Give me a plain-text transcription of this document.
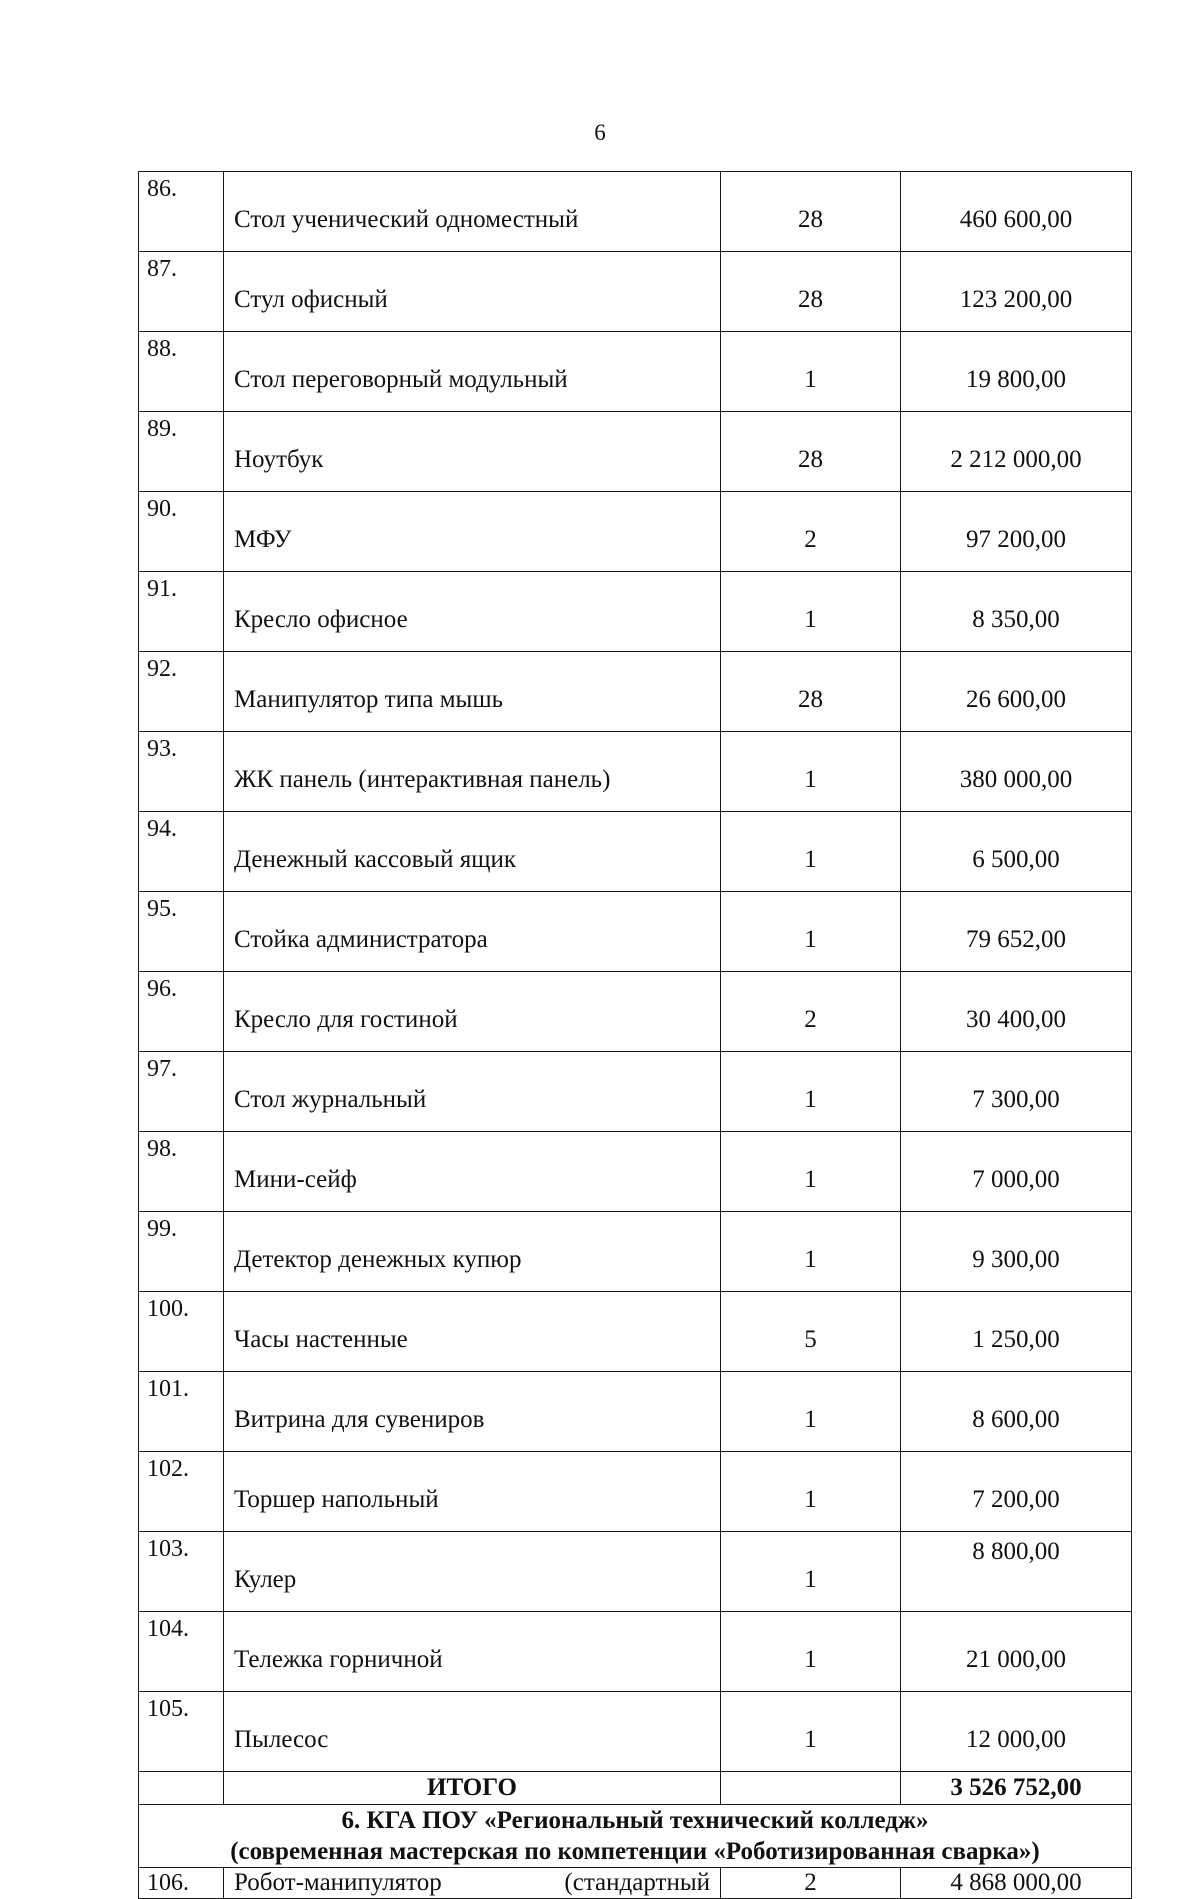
6
86.	Стол ученический одноместный	28	460 600,00
87.	Стул офисный	28	123 200,00
88.	Стол переговорный модульный	1	19 800,00
89.	Ноутбук	28	2 212 000,00
90.	МФУ	2	97 200,00
91.	Кресло офисное	1	8 350,00
92.	Манипулятор типа мышь	28	26 600,00
93.	ЖК панель (интерактивная панель)	1	380 000,00
94.	Денежный кассовый ящик	1	6 500,00
95.	Стойка администратора	1	79 652,00
96.	Кресло для гостиной	2	30 400,00
97.	Стол журнальный	1	7 300,00
98.	Мини-сейф	1	7 000,00
99.	Детектор денежных купюр	1	9 300,00
100.	Часы настенные	5	1 250,00
101.	Витрина для сувениров	1	8 600,00
102.	Торшер напольный	1	7 200,00
103.	Кулер	1	8 800,00
104.	Тележка горничной	1	21 000,00
105.	Пылесос	1	12 000,00
	ИТОГО		3 526 752,00

6. КГА ПОУ «Региональный технический колледж»
(современная мастерская по компетенции «Роботизированная сварка»)			

106.	Робот-манипулятор (стандартный	2	4 868 000,00
